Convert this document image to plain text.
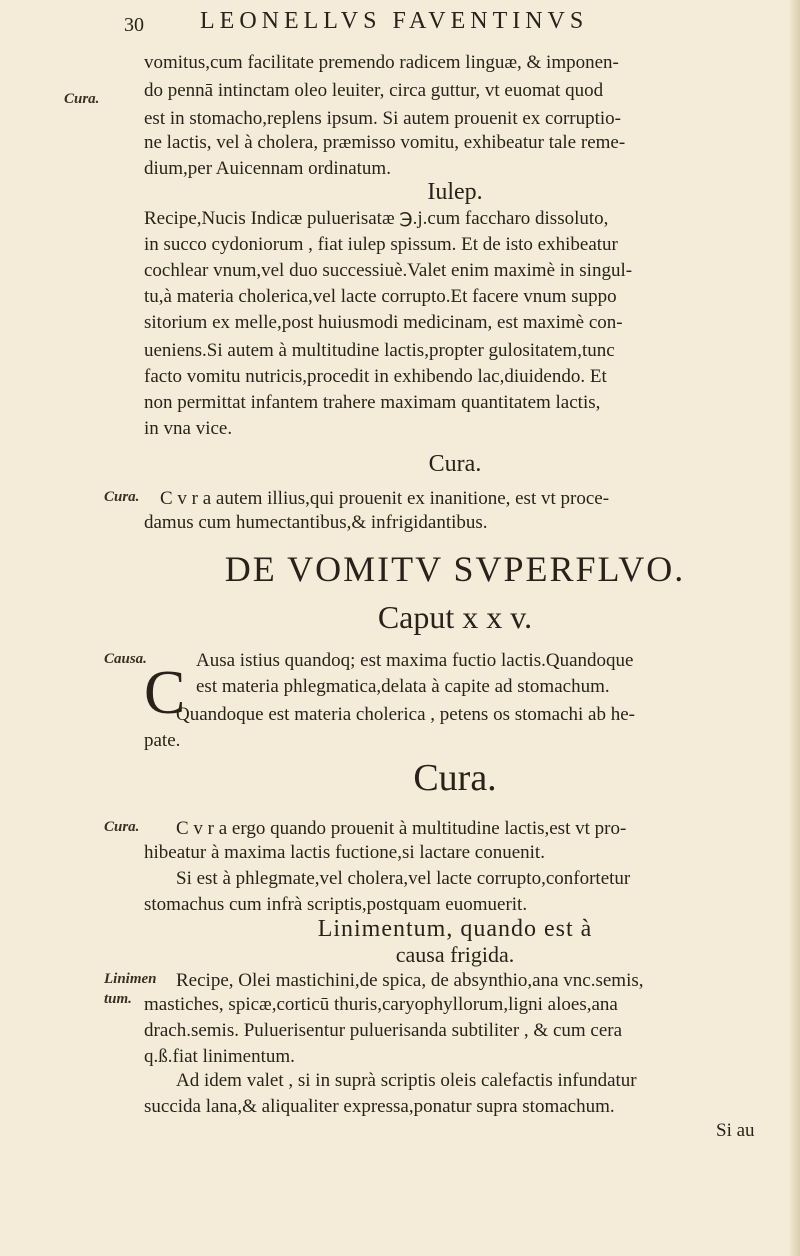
30 LEONELLVS FAVENTINVS
Cura.
Cura.
Causa.
Cura.
Linimen
tum.
vomitus,cum facilitate premendo radicem linguæ, & imponen-
do pennā intinctam oleo leuiter, circa guttur, vt euomat quod
est in stomacho,replens ipsum. Si autem prouenit ex corruptio-
ne lactis, vel à cholera, præmisso vomitu, exhibeatur tale reme-
dium,per Auicennam ordinatum.
Iulep.
Recipe,Nucis Indicæ puluerisatæ ℈.j.cum faccharo dissoluto,
in succo cydoniorum , fiat iulep spissum. Et de isto exhibeatur
cochlear vnum,vel duo successiuè.Valet enim maximè in singul-
tu,à materia cholerica,vel lacte corrupto.Et facere vnum suppo
sitorium ex melle,post huiusmodi medicinam, est maximè con-
ueniens.Si autem à multitudine lactis,propter gulositatem,tunc
facto vomitu nutricis,procedit in exhibendo lac,diuidendo. Et
non permittat infantem trahere maximam quantitatem lactis,
in vna vice.
Cura.
C v r a autem illius,qui prouenit ex inanitione, est vt proce-
damus cum humectantibus,& infrigidantibus.
DE VOMITV SVPERFLVO.
Caput x x v.
C Ausa istius quandoq; est maxima fuctio lactis.Quandoque
est materia phlegmatica,delata à capite ad stomachum.
Quandoque est materia cholerica , petens os stomachi ab he-
pate.
Cura.
C v r a ergo quando prouenit à multitudine lactis,est vt pro-
hibeatur à maxima lactis fuctione,si lactare conuenit.
Si est à phlegmate,vel cholera,vel lacte corrupto,confortetur
stomachus cum infrà scriptis,postquam euomuerit.
Linimentum, quando est à
causa frigida.
Recipe, Olei mastichini,de spica, de absynthio,ana vnc.semis,
mastiches, spicæ,corticū thuris,caryophyllorum,ligni aloes,ana
drach.semis. Puluerisentur puluerisanda subtiliter , & cum cera
q.ß.fiat linimentum.
Ad idem valet , si in suprà scriptis oleis calefactis infundatur
succida lana,& aliqualiter expressa,ponatur supra stomachum.
Si au
